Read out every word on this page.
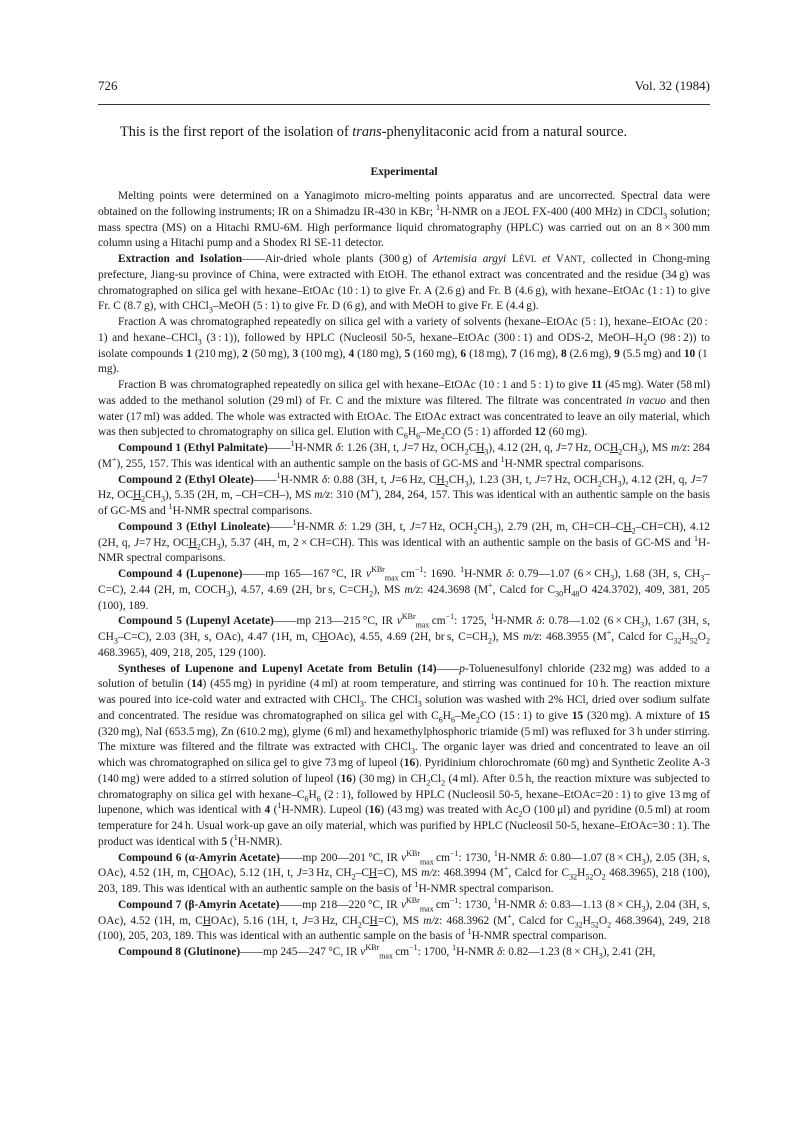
726	Vol. 32 (1984)
This is the first report of the isolation of trans-phenylitaconic acid from a natural source.
Experimental

Melting points were determined on a Yanagimoto micro-melting points apparatus and are uncorrected. Spectral data were obtained on the following instruments; IR on a Shimadzu IR-430 in KBr; $^1$H-NMR on a JEOL FX-400 (400 MHz) in CDCl$_3$ solution; mass spectra (MS) on a Hitachi RMU-6M. High performance liquid chromatography (HPLC) was carried out on an 8 × 300 mm column using a Hitachi pump and a Shodex RI SE-11 detector.

Extraction and Isolation——Air-dried whole plants (300 g) of Artemisia argyi LÉVL et VANT, collected in Chong-ming prefecture, Jiang-su province of China, were extracted with EtOH. The ethanol extract was concentrated and the residue (34 g) was chromatographed on silica gel with hexane–EtOAc (10 : 1) to give Fr. A (2.6 g) and Fr. B (4.6 g), with hexane–EtOAc (1 : 1) to give Fr. C (8.7 g), with CHCl$_3$–MeOH (5 : 1) to give Fr. D (6 g), and with MeOH to give Fr. E (4.4 g).

Fraction A was chromatographed repeatedly on silica gel with a variety of solvents (hexane–EtOAc (5 : 1), hexane–EtOAc (20 : 1) and hexane–CHCl$_3$ (3 : 1)), followed by HPLC (Nucleosil 50-5, hexane–EtOAc (300 : 1) and ODS-2, MeOH–$H_2O$ (98 : 2)) to isolate compounds 1 (210 mg), 2 (50 mg), 3 (100 mg), 4 (180 mg), 5 (160 mg), 6 (18 mg), 7 (16 mg), 8 (2.6 mg), 9 (5.5 mg) and 10 (1 mg).

Fraction B was chromatographed repeatedly on silica gel with hexane–EtOAc (10 : 1 and 5 : 1) to give 11 (45 mg). Water (58 ml) was added to the methanol solution (29 ml) of Fr. C and the mixture was filtered. The filtrate was concentrated in vacuo and then water (17 ml) was added. The whole was extracted with EtOAc. The EtOAc extract was concentrated to leave an oily material, which was then subjected to chromatography on silica gel. Elution with $C_6H_6-Me_2CO$ (5 : 1) afforded 12 (60 mg).

Compound 1 (Ethyl Palmitate)——$^1$H-NMR δ: 1.26 (3H, t, J=7 Hz, $OCH_2CH_3$), 4.12 (2H, q, J=7 Hz, $OCH_2CH_3$), MS m/z: 284 (M+), 255, 157. This was identical with an authentic sample on the basis of GC-MS and $^1$H-NMR spectral comparisons.

Compound 2 (Ethyl Oleate)——$^1$H-NMR δ: 0.88 (3H, t, J=6 Hz, $CH_2CH_3$), 1.23 (3H, t, J=7 Hz, $OCH_2CH_3$), 4.12 (2H, q, J=7 Hz, $OCH_2CH_3$), 5.35 (2H, m, –CH=CH–), MS m/z: 310 (M+), 284, 264, 157. This was identical with an authentic sample on the basis of GC-MS and $^1$H-NMR spectral comparisons.

Compound 3 (Ethyl Linoleate)——$^1$H-NMR δ: 1.29 (3H, t, J=7 Hz, $OCH_2CH_3$), 2.79 (2H, m, $CH=CH-CH_2-CH=CH$), 4.12 (2H, q, J=7 Hz, $OCH_2CH_3$), 5.37 (4H, m, 2 × CH=CH). This was identical with an authentic sample on the basis of GC-MS and $^1$H-NMR spectral comparisons.

Compound 4 (Lupenone)——mp 165—167 °C, IR $\nu^{KBr}_{max}$ $cm^{-1}$: 1690. $^1$H-NMR δ: 0.79—1.07 $(6 \times CH_3)$, 1.68 (3H, s, $CH_3-C=C$), 2.44 (2H, m, $COCH_3$), 4.57, 4.69 (2H, br s, $C=CH_2$), MS m/z: 424.3698 (M+, Calcd for $C_{30}H_{48}O$ 424.3702), 409, 381, 205 (100), 189.

Compound 5 (Lupenyl Acetate)——mp 213—215 °C, IR $\nu^{KBr}_{max}$ $cm^{-1}$: 1725, $^1$H-NMR δ: 0.78—1.02 $(6 \times CH_3)$, 1.67 (3H, s, $CH_3-C=C$), 2.03 (3H, s, OAc), 4.47 (1H, m, CHOAc), 4.55, 4.69 (2H, br s, $C=CH_2$), MS m/z: 468.3955 (M+, Calcd for $C_{32}H_{52}O_2$ 468.3965), 409, 218, 205, 129 (100).

Syntheses of Lupenone and Lupenyl Acetate from Betulin (14)——p-Toluenesulfonyl chloride (232 mg) was added to a solution of betulin (14) (455 mg) in pyridine (4 ml) at room temperature, and stirring was continued for 10 h. The reaction mixture was poured into ice-cold water and extracted with CHCl$_3$. The CHCl$_3$ solution was washed with 2% HCl, dried over sodium sulfate and concentrated. The residue was chromatographed on silica gel with $C_6H_6-Me_2CO$ (15 : 1) to give 15 (320 mg). A mixture of 15 (320 mg), NaI (653.5 mg), Zn (610.2 mg), glyme (6 ml) and hexamethylphosphoric triamide (5 ml) was refluxed for 3 h under stirring. The mixture was filtered and the filtrate was extracted with CHCl$_3$. The organic layer was dried and concentrated to leave an oil which was chromatographed on silica gel to give 73 mg of lupeol (16). Pyridinium chlorochromate (60 mg) and Synthetic Zeolite A-3 (140 mg) were added to a stirred solution of lupeol (16) (30 mg) in $CH_2Cl_2$ (4 ml). After 0.5 h, the reaction mixture was subjected to chromatography on silica gel with hexane–$C_6H_6$ (2 : 1), followed by HPLC (Nucleosil 50-5, hexane–EtOAc=20 : 1) to give 13 mg of lupenone, which was identical with 4 ($^1$H-NMR). Lupeol (16) (43 mg) was treated with $Ac_2O$ (100 μl) and pyridine (0.5 ml) at room temperature for 24 h. Usual work-up gave an oily material, which was purified by HPLC (Nucleosil 50-5, hexane–EtOAc=30 : 1). The product was identical with 5 ($^1$H-NMR).

Compound 6 (α-Amyrin Acetate)——mp 200—201 °C, IR $\nu^{KBr}_{max}$ $cm^{-1}$: 1730, $^1$H-NMR δ: 0.80—1.07 $(8 \times CH_3)$, 2.05 (3H, s, OAc), 4.52 (1H, m, CHOAc), 5.12 (1H, t, J=3 Hz, $CH_2-CH=C$), MS m/z: 468.3994 (M+, Calcd for $C_{32}H_{52}O_2$ 468.3965), 218 (100), 203, 189. This was identical with an authentic sample on the basis of $^1$H-NMR spectral comparison.

Compound 7 (β-Amyrin Acetate)——mp 218—220 °C, IR $\nu^{KBr}_{max}$ $cm^{-1}$: 1730, $^1$H-NMR δ: 0.83—1.13 $(8 \times CH_3)$, 2.04 (3H, s, OAc), 4.52 (1H, m, CHOAc), 5.16 (1H, t, J=3 Hz, $CH_2CH=C$), MS m/z: 468.3962 (M+, Calcd for $C_{32}H_{52}O_2$ 468.3964), 249, 218 (100), 205, 203, 189. This was identical with an authentic sample on the basis of $^1$H-NMR spectral comparison.

Compound 8 (Glutinone)——mp 245—247 °C, IR $\nu^{KBr}_{max}$ $cm^{-1}$: 1700, $^1$H-NMR δ: 0.82—1.23 $(8 \times CH_3)$, 2.41 (2H,
